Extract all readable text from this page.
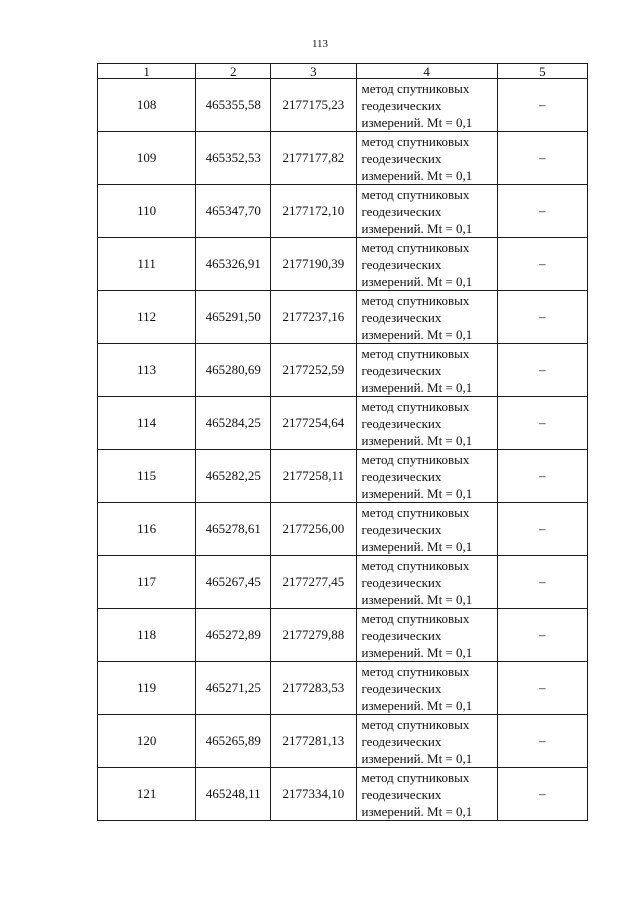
113
1	2	3	4	5
108	465355,58	2177175,23	метод спутниковых
геодезических
измерений. Mt = 0,1	–
109	465352,53	2177177,82	метод спутниковых
геодезических
измерений. Mt = 0,1	–
110	465347,70	2177172,10	метод спутниковых
геодезических
измерений. Mt = 0,1	–
111	465326,91	2177190,39	метод спутниковых
геодезических
измерений. Mt = 0,1	–
112	465291,50	2177237,16	метод спутниковых
геодезических
измерений. Mt = 0,1	–
113	465280,69	2177252,59	метод спутниковых
геодезических
измерений. Mt = 0,1	–
114	465284,25	2177254,64	метод спутниковых
геодезических
измерений. Mt = 0,1	–
115	465282,25	2177258,11	метод спутниковых
геодезических
измерений. Mt = 0,1	–
116	465278,61	2177256,00	метод спутниковых
геодезических
измерений. Mt = 0,1	–
117	465267,45	2177277,45	метод спутниковых
геодезических
измерений. Mt = 0,1	–
118	465272,89	2177279,88	метод спутниковых
геодезических
измерений. Mt = 0,1	–
119	465271,25	2177283,53	метод спутниковых
геодезических
измерений. Mt = 0,1	–
120	465265,89	2177281,13	метод спутниковых
геодезических
измерений. Mt = 0,1	–
121	465248,11	2177334,10	метод спутниковых
геодезических
измерений. Mt = 0,1	–
